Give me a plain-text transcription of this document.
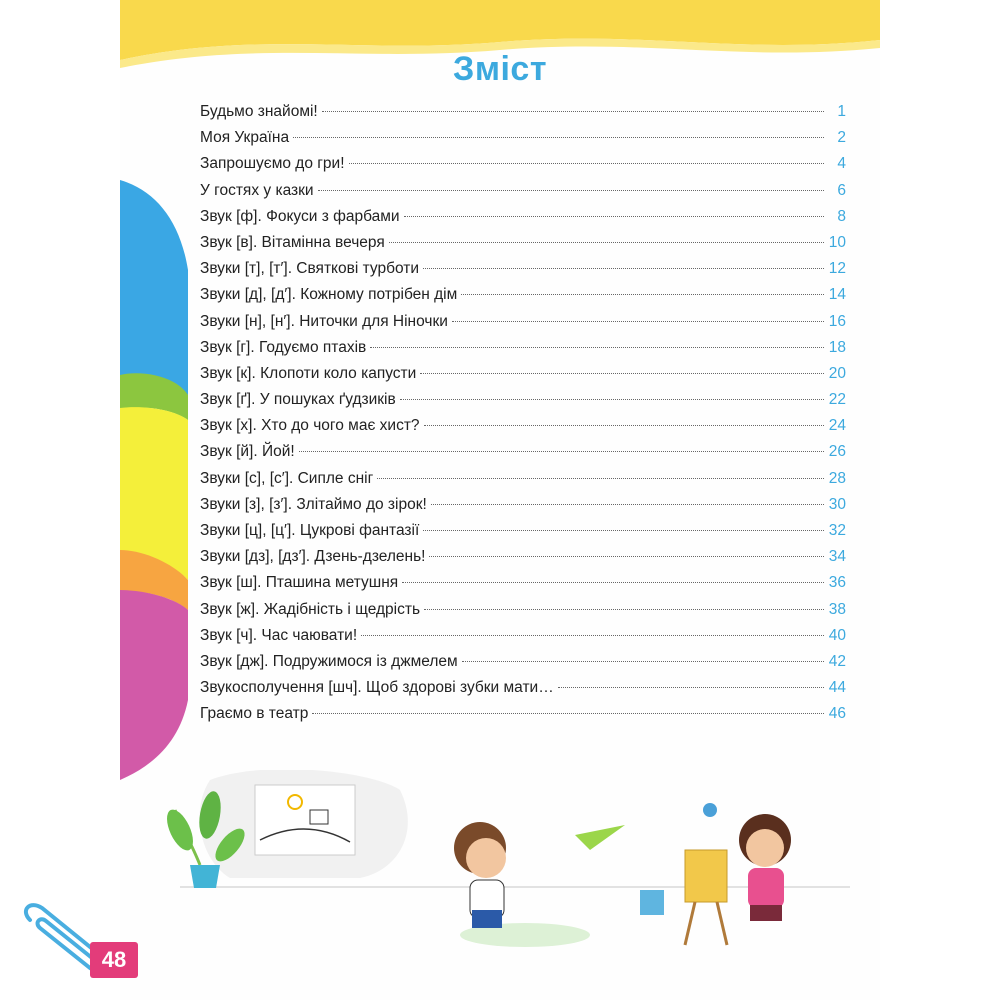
Зміст
Будьмо знайомі!	1
Моя Україна	2
Запрошуємо до гри!	4
У гостях у казки	6
Звук [ф]. Фокуси з фарбами	8
Звук [в]. Вітамінна вечеря	10
Звуки [т], [т′]. Святкові турботи	12
Звуки [д], [д′]. Кожному потрібен дім	14
Звуки [н], [н′]. Ниточки для Ніночки	16
Звук [г]. Годуємо птахів	18
Звук [к]. Клопоти коло капусти	20
Звук [ґ]. У пошуках ґудзиків	22
Звук [х]. Хто до чого має хист?	24
Звук [й]. Йой!	26
Звуки [с], [с′]. Сипле сніг	28
Звуки [з], [з′]. Злітаймо до зірок!	30
Звуки [ц], [ц′]. Цукрові фантазії	32
Звуки [дз], [дз′]. Дзень-дзелень!	34
Звук [ш]. Пташина метушня	36
Звук [ж]. Жадібність і щедрість	38
Звук [ч]. Час чаювати!	40
Звук [дж]. Подружимося із джмелем	42
Звукосполучення [шч]. Щоб здорові зубки мати…	44
Граємо в театр	46
48
